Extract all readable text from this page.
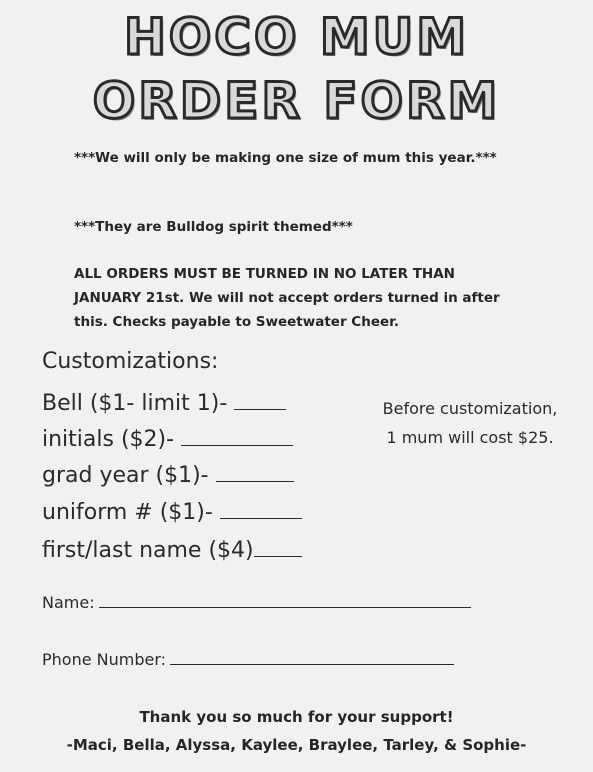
HOCO MUM
ORDER FORM
***We will only be making one size of mum this year.***
***They are Bulldog spirit themed***
ALL ORDERS MUST BE TURNED IN NO LATER THAN JANUARY 21st. We will not accept orders turned in after this. Checks payable to Sweetwater Cheer.
Customizations:
Bell ($1- limit 1)-
initials ($2)-
grad year ($1)-
uniform # ($1)-
first/last name ($4)
Before customization, 1 mum will cost $25.
Name:
Phone Number:
Thank you so much for your support!
-Maci, Bella, Alyssa, Kaylee, Braylee, Tarley, & Sophie-
